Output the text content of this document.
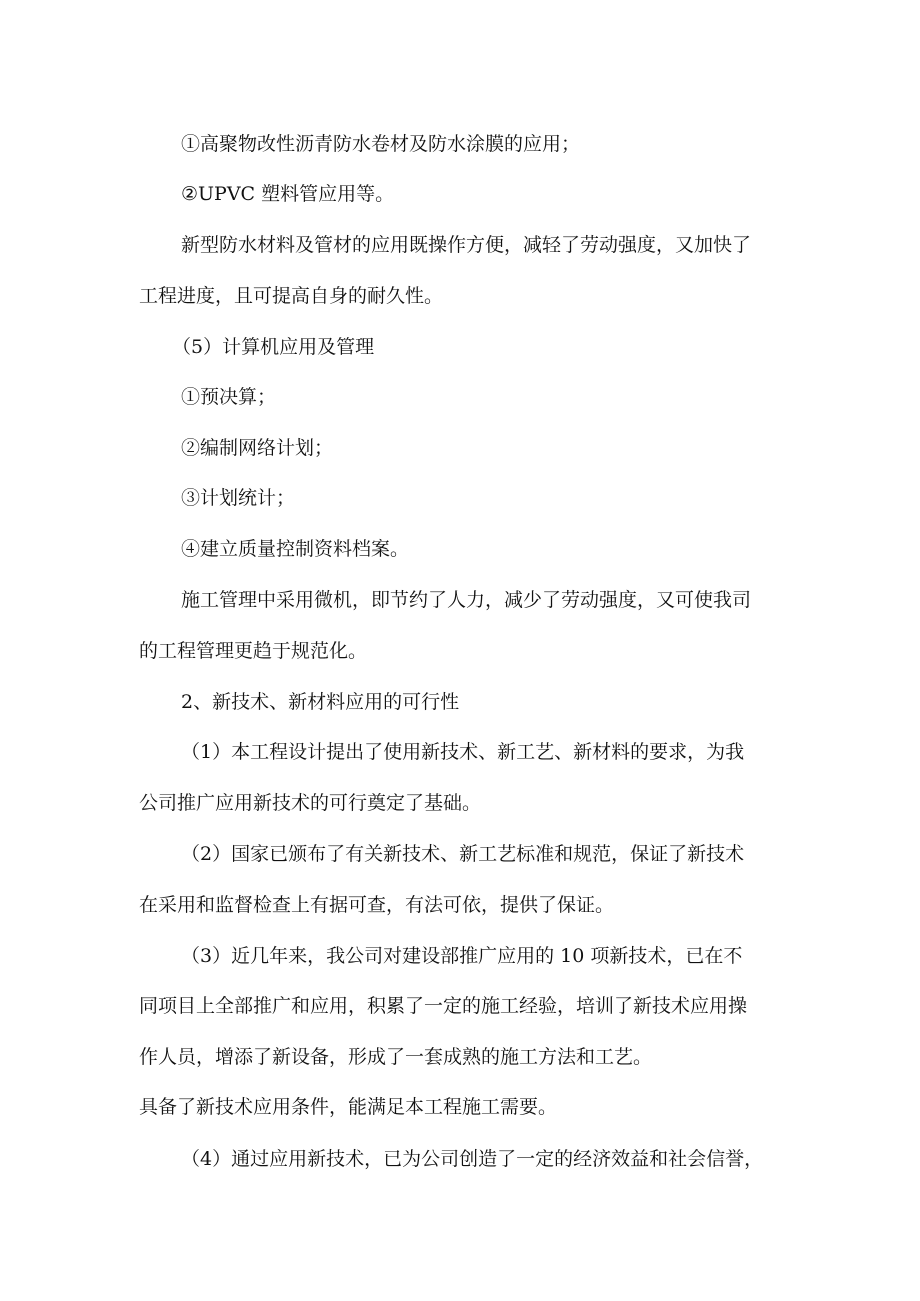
①高聚物改性沥青防水卷材及防水涂膜的应用；

②UPVC 塑料管应用等。

新型防水材料及管材的应用既操作方便，减轻了劳动强度，又加快了

工程进度，且可提高自身的耐久性。

（5）计算机应用及管理

①预决算；

②编制网络计划；

③计划统计；

④建立质量控制资料档案。

施工管理中采用微机，即节约了人力，减少了劳动强度，又可使我司

的工程管理更趋于规范化。

2、新技术、新材料应用的可行性

（1）本工程设计提出了使用新技术、新工艺、新材料的要求，为我

公司推广应用新技术的可行奠定了基础。

（2）国家已颁布了有关新技术、新工艺标准和规范，保证了新技术

在采用和监督检查上有据可查，有法可依，提供了保证。

（3）近几年来，我公司对建设部推广应用的 10 项新技术，已在不

同项目上全部推广和应用，积累了一定的施工经验，培训了新技术应用操

作人员，增添了新设备，形成了一套成熟的施工方法和工艺。

具备了新技术应用条件，能满足本工程施工需要。

（4）通过应用新技术，已为公司创造了一定的经济效益和社会信誉，
